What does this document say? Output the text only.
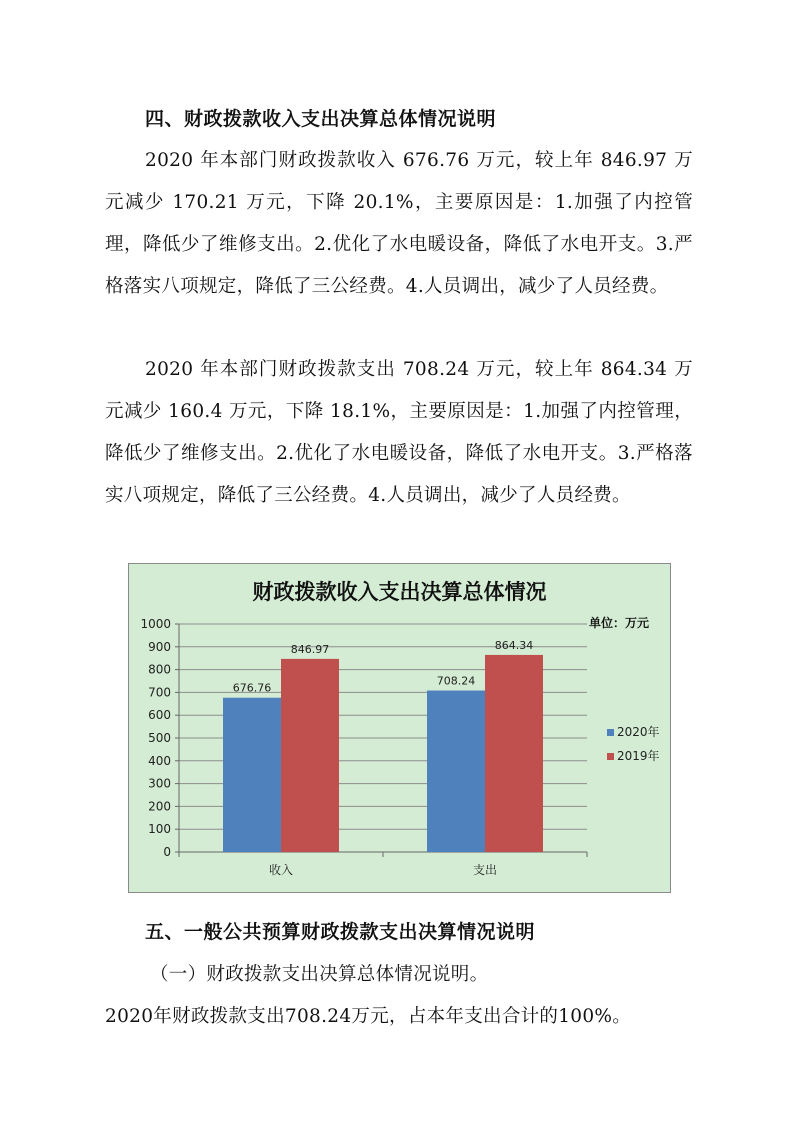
四、财政拨款收入支出决算总体情况说明
2020 年本部门财政拨款收入 676.76 万元，较上年 846.97 万元减少 170.21 万元，下降 20.1%，主要原因是：1.加强了内控管理，降低少了维修支出。2.优化了水电暖设备，降低了水电开支。3.严格落实八项规定，降低了三公经费。4.人员调出，减少了人员经费。
2020 年本部门财政拨款支出 708.24 万元，较上年 864.34 万元减少 160.4 万元，下降 18.1%，主要原因是：1.加强了内控管理，降低少了维修支出。2.优化了水电暖设备，降低了水电开支。3.严格落实八项规定，降低了三公经费。4.人员调出，减少了人员经费。
财政拨款收入支出决算总体情况
单位：万元
0
100
200
300
400
500
600
700
800
900
1000
676.76
846.97
收入
708.24
864.34
支出
2020年
2019年
五、一般公共预算财政拨款支出决算情况说明
（一）财政拨款支出决算总体情况说明。
2020年财政拨款支出708.24万元，占本年支出合计的100%。
